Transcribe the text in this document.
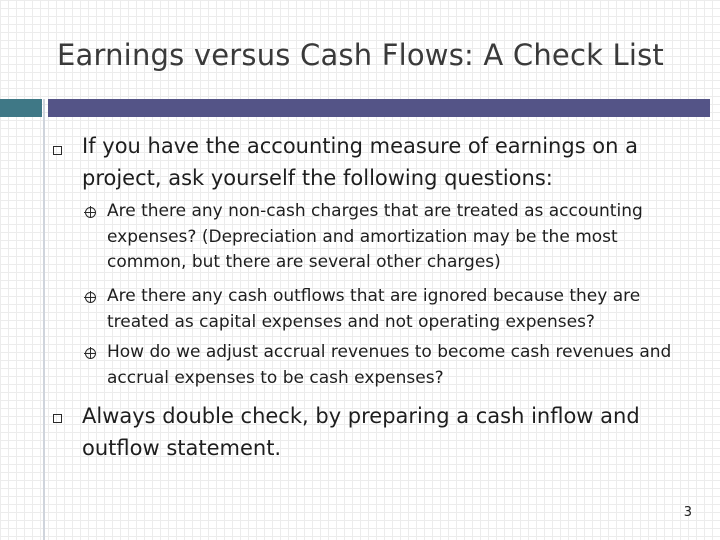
Earnings versus Cash Flows: A Check List
If you have the accounting measure of earnings on a project, ask yourself the following questions:
Are there any non-cash charges that are treated as accounting expenses? (Depreciation and amortization may be the most common, but there are several other charges)
Are there any cash outflows that are ignored because they are treated as capital expenses and not operating expenses?
How do we adjust accrual revenues to become cash revenues and accrual expenses to be cash expenses?
Always double check, by preparing a cash inflow and outflow statement.
3
